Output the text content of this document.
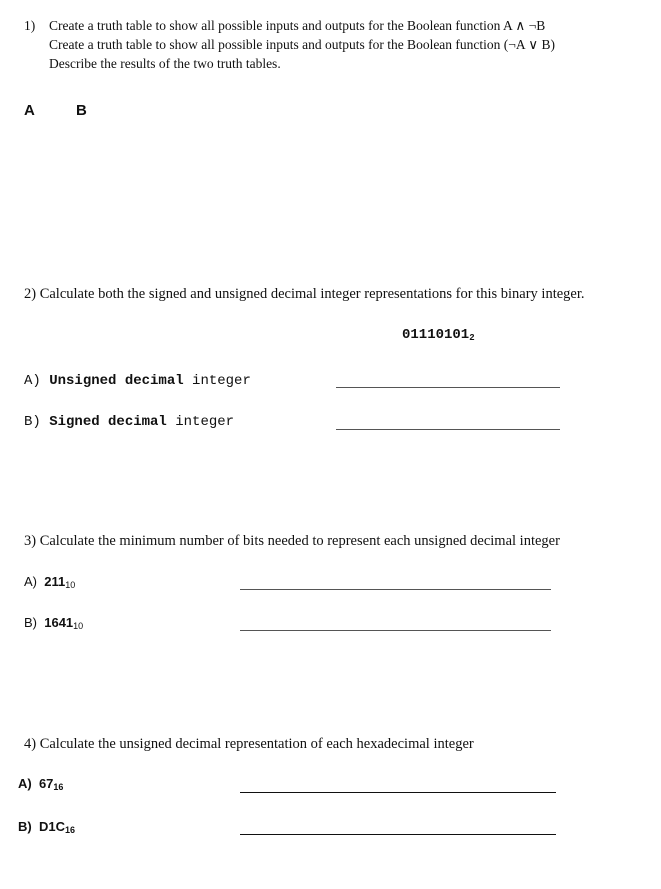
1) Create a truth table to show all possible inputs and outputs for the Boolean function A ∧ ¬B
Create a truth table to show all possible inputs and outputs for the Boolean function (¬A ∨ B)
Describe the results of the two truth tables.
A	B
2) Calculate both the signed and unsigned decimal integer representations for this binary integer.
$01110101_2$
A) Unsigned decimal integer
B) Signed decimal integer
3) Calculate the minimum number of bits needed to represent each unsigned decimal integer
A) $211_{10}$
B) $1641_{10}$
4) Calculate the unsigned decimal representation of each hexadecimal integer
A) $67_{16}$
B) $D1C_{16}$
